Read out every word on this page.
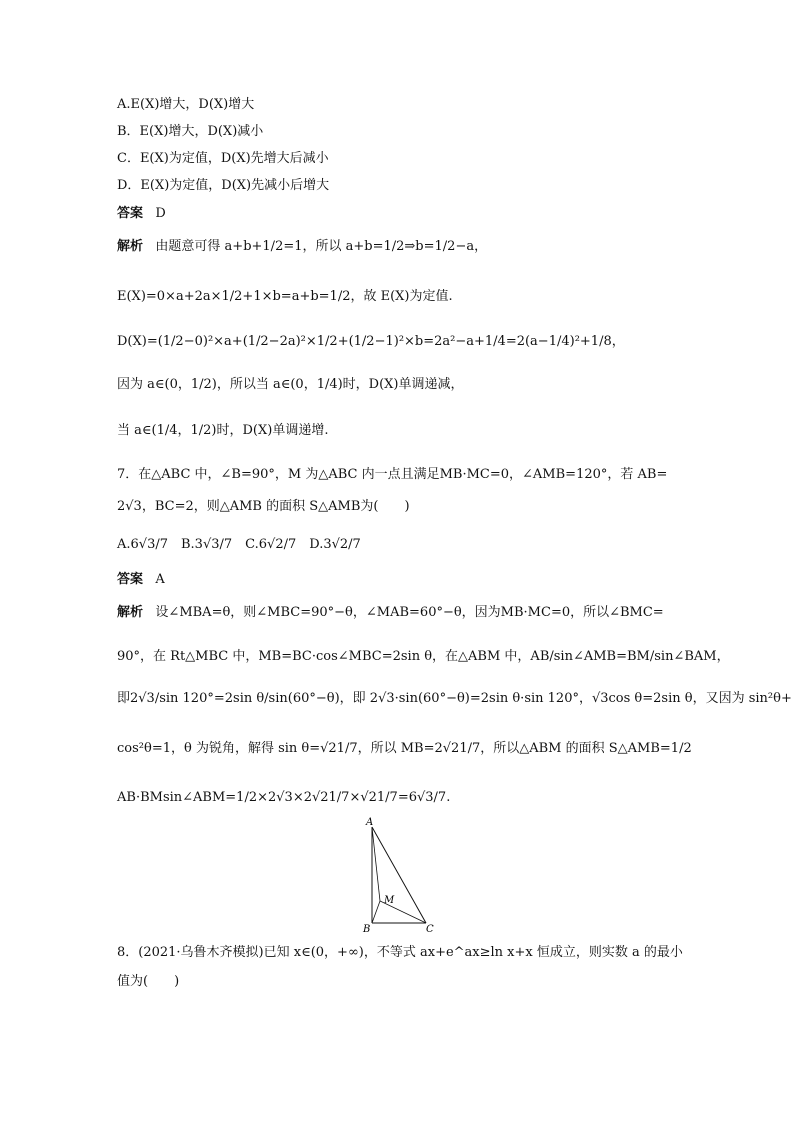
A.E(X)增大，D(X)增大
B．E(X)增大，D(X)减小
C．E(X)为定值，D(X)先增大后减小
D．E(X)为定值，D(X)先减小后增大
答案 D
解析 由题意可得 a+b+1/2=1，所以 a+b=1/2⇒b=1/2−a，
E(X)=0×a+2a×1/2+1×b=a+b=1/2，故 E(X)为定值.
D(X)=(1/2−0)²×a+(1/2−2a)²×1/2+(1/2−1)²×b=2a²−a+1/4=2(a−1/4)²+1/8，
因为 a∈(0，1/2)，所以当 a∈(0，1/4)时，D(X)单调递减，
当 a∈(1/4，1/2)时，D(X)单调递增.
7．在△ABC 中，∠B=90°，M 为△ABC 内一点且满足MB·MC=0，∠AMB=120°，若 AB=
2√3，BC=2，则△AMB 的面积 S△AMB为(　　)
A.6√3/7　B.3√3/7　C.6√2/7　D.3√2/7
答案 A
解析 设∠MBA=θ，则∠MBC=90°−θ，∠MAB=60°−θ，因为MB·MC=0，所以∠BMC=
90°，在 Rt△MBC 中，MB=BC·cos∠MBC=2sin θ，在△ABM 中，AB/sin∠AMB=BM/sin∠BAM，
即2√3/sin 120°=2sin θ/sin(60°−θ)，即 2√3·sin(60°−θ)=2sin θ·sin 120°，√3cos θ=2sin θ，又因为 sin²θ+
cos²θ=1，θ 为锐角，解得 sin θ=√21/7，所以 MB=2√21/7，所以△ABM 的面积 S△AMB=1/2
AB·BMsin∠ABM=1/2×2√3×2√21/7×√21/7=6√3/7.
A
B	C
M
8．(2021·乌鲁木齐模拟)已知 x∈(0，+∞)，不等式 ax+e^ax≥ln x+x 恒成立，则实数 a 的最小
值为(　　)
